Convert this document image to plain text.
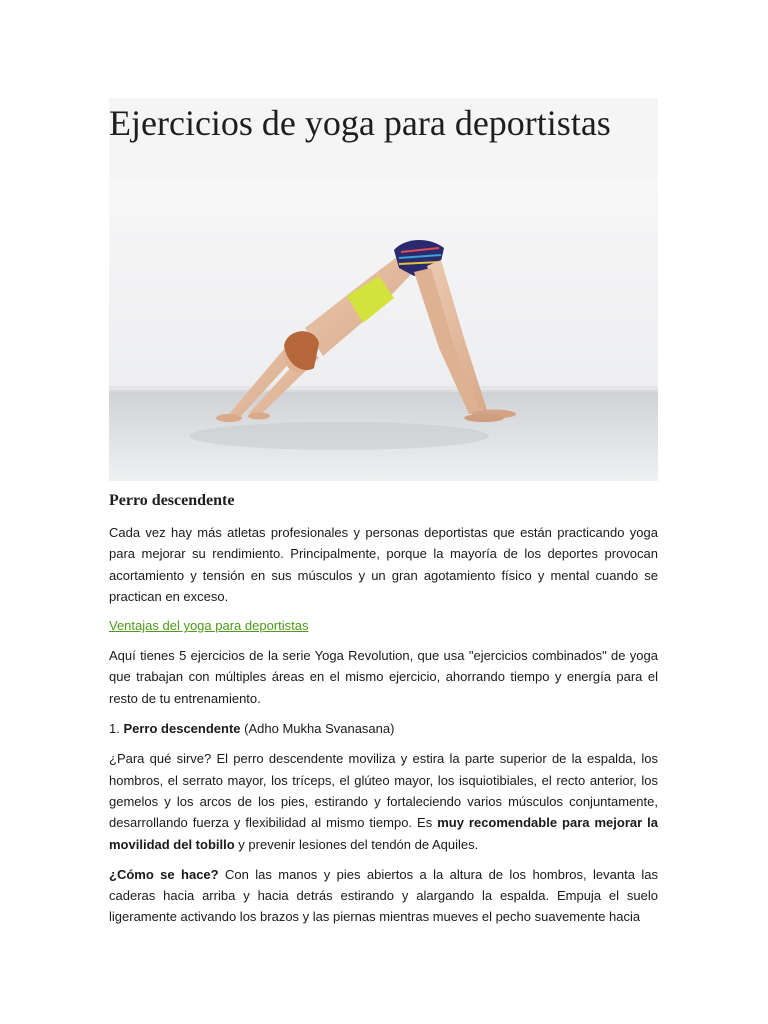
Ejercicios de yoga para deportistas
Perro descendente

Cada vez hay más atletas profesionales y personas deportistas que están practicando yoga para mejorar su rendimiento. Principalmente, porque la mayoría de los deportes provocan acortamiento y tensión en sus músculos y un gran agotamiento físico y mental cuando se practican en exceso.

Ventajas del yoga para deportistas

Aquí tienes 5 ejercicios de la serie Yoga Revolution, que usa "ejercicios combinados" de yoga que trabajan con múltiples áreas en el mismo ejercicio, ahorrando tiempo y energía para el resto de tu entrenamiento.

1. Perro descendente (Adho Mukha Svanasana)

¿Para qué sirve? El perro descendente moviliza y estira la parte superior de la espalda, los hombros, el serrato mayor, los tríceps, el glúteo mayor, los isquiotibiales, el recto anterior, los gemelos y los arcos de los pies, estirando y fortaleciendo varios músculos conjuntamente, desarrollando fuerza y flexibilidad al mismo tiempo. Es muy recomendable para mejorar la movilidad del tobillo y prevenir lesiones del tendón de Aquiles.

¿Cómo se hace? Con las manos y pies abiertos a la altura de los hombros, levanta las caderas hacia arriba y hacia detrás estirando y alargando la espalda. Empuja el suelo ligeramente activando los brazos y las piernas mientras mueves el pecho suavemente hacia
